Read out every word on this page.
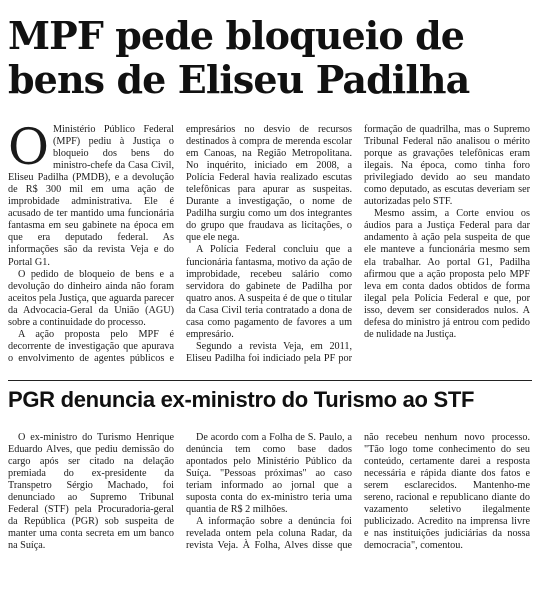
MPF pede bloqueio de bens de Eliseu Padilha

O Ministério Público Federal (MPF) pediu à Justiça o bloqueio dos bens do ministro-chefe da Casa Civil, Eliseu Padilha (PMDB), e a devolução de R$ 300 mil em uma ação de improbidade administrativa. Ele é acusado de ter mantido uma funcionária fantasma em seu gabinete na época em que era deputado federal. As informações são da revista Veja e do Portal G1.

O pedido de bloqueio de bens e a devolução do dinheiro ainda não foram aceitos pela Justiça, que aguarda parecer da Advocacia-Geral da União (AGU) sobre a continuidade do processo.

A ação proposta pelo MPF é decorrente de investigação que apurava o envolvimento de agentes públicos e empresários no desvio de recursos destinados à compra de merenda escolar em Canoas, na Região Metropolitana. No inquérito, iniciado em 2008, a Polícia Federal havia realizado escutas telefônicas para apurar as suspeitas. Durante a investigação, o nome de Padilha surgiu como um dos integrantes do grupo que fraudava as licitações, o que ele nega.

A Polícia Federal concluiu que a funcionária fantasma, motivo da ação de improbidade, recebeu salário como servidora do gabinete de Padilha por quatro anos. A suspeita é de que o titular da Casa Civil teria contratado a dona de casa como pagamento de favores a um empresário.

Segundo a revista Veja, em 2011, Eliseu Padilha foi indiciado pela PF por formação de quadrilha, mas o Supremo Tribunal Federal não analisou o mérito porque as gravações telefônicas eram ilegais. Na época, como tinha foro privilegiado devido ao seu mandato como deputado, as escutas deveriam ser autorizadas pelo STF.

Mesmo assim, a Corte enviou os áudios para a Justiça Federal para dar andamento à ação pela suspeita de que ele manteve a funcionária mesmo sem ela trabalhar. Ao portal G1, Padilha afirmou que a ação proposta pelo MPF leva em conta dados obtidos de forma ilegal pela Polícia Federal e que, por isso, devem ser considerados nulos. A defesa do ministro já entrou com pedido de nulidade na Justiça.

PGR denuncia ex-ministro do Turismo ao STF

O ex-ministro do Turismo Henrique Eduardo Alves, que pediu demissão do cargo após ser citado na delação premiada do ex-presidente da Transpetro Sérgio Machado, foi denunciado ao Supremo Tribunal Federal (STF) pela Procuradoria-geral da República (PGR) sob suspeita de manter uma conta secreta em um banco na Suíça.

De acordo com a Folha de S. Paulo, a denúncia tem como base dados apontados pelo Ministério Público da Suíça. "Pessoas próximas" ao caso teriam informado ao jornal que a suposta conta do ex-ministro teria uma quantia de R$ 2 milhões.

A informação sobre a denúncia foi revelada ontem pela coluna Radar, da revista Veja. À Folha, Alves disse que não recebeu nenhum novo processo. "Tão logo tome conhecimento do seu conteúdo, certamente darei a resposta necessária e rápida diante dos fatos e serem esclarecidos. Mantenho-me sereno, racional e republicano diante do vazamento seletivo ilegalmente publicizado. Acredito na imprensa livre e nas instituições judiciárias da nossa democracia", comentou.
